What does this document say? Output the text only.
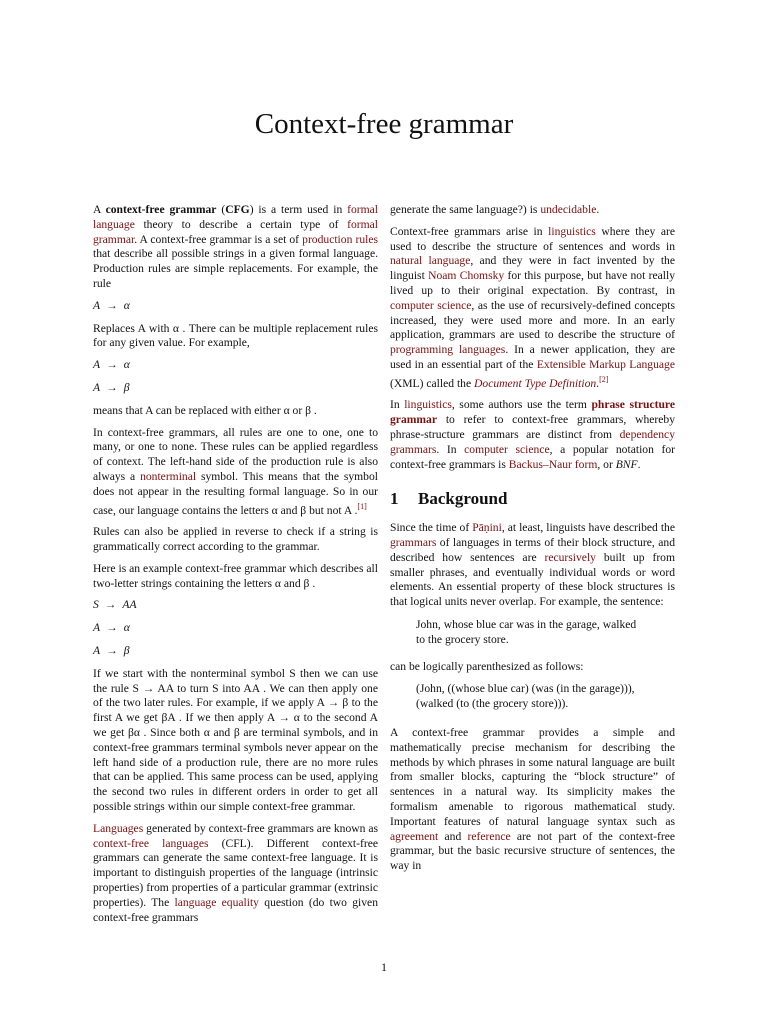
Context-free grammar

A context-free grammar (CFG) is a term used in formal language theory to describe a certain type of formal grammar. A context-free grammar is a set of production rules that describe all possible strings in a given formal language. Production rules are simple replacements. For example, the rule

A → α

Replaces A with α . There can be multiple replacement rules for any given value. For example,

A → α
A → β

means that A can be replaced with either α or β .

In context-free grammars, all rules are one to one, one to many, or one to none. These rules can be applied regardless of context. The left-hand side of the production rule is also always a nonterminal symbol. This means that the symbol does not appear in the resulting formal language. So in our case, our language contains the letters α and β but not A .[1]

Rules can also be applied in reverse to check if a string is grammatically correct according to the grammar.

Here is an example context-free grammar which describes all two-letter strings containing the letters α and β .

S → AA
A → α
A → β

If we start with the nonterminal symbol S then we can use the rule S → AA to turn S into AA . We can then apply one of the two later rules. For example, if we apply A → β to the first A we get βA . If we then apply A → α to the second A we get βα . Since both α and β are terminal symbols, and in context-free grammars terminal symbols never appear on the left hand side of a production rule, there are no more rules that can be applied. This same process can be used, applying the second two rules in different orders in order to get all possible strings within our simple context-free grammar.

Languages generated by context-free grammars are known as context-free languages (CFL). Different context-free grammars can generate the same context-free language. It is important to distinguish properties of the language (intrinsic properties) from properties of a particular grammar (extrinsic properties). The language equality question (do two given context-free grammars

generate the same language?) is undecidable.

Context-free grammars arise in linguistics where they are used to describe the structure of sentences and words in natural language, and they were in fact invented by the linguist Noam Chomsky for this purpose, but have not really lived up to their original expectation. By contrast, in computer science, as the use of recursively-defined concepts increased, they were used more and more. In an early application, grammars are used to describe the structure of programming languages. In a newer application, they are used in an essential part of the Extensible Markup Language (XML) called the Document Type Definition.[2]

In linguistics, some authors use the term phrase structure grammar to refer to context-free grammars, whereby phrase-structure grammars are distinct from dependency grammars. In computer science, a popular notation for context-free grammars is Backus–Naur form, or BNF.

1 Background

Since the time of Pāṇini, at least, linguists have described the grammars of languages in terms of their block structure, and described how sentences are recursively built up from smaller phrases, and eventually individual words or word elements. An essential property of these block structures is that logical units never overlap. For example, the sentence:

John, whose blue car was in the garage, walked
to the grocery store.

can be logically parenthesized as follows:

(John, ((whose blue car) (was (in the garage))),
(walked (to (the grocery store))).

A context-free grammar provides a simple and mathematically precise mechanism for describing the methods by which phrases in some natural language are built from smaller blocks, capturing the “block structure” of sentences in a natural way. Its simplicity makes the formalism amenable to rigorous mathematical study. Important features of natural language syntax such as agreement and reference are not part of the context-free grammar, but the basic recursive structure of sentences, the way in

1
